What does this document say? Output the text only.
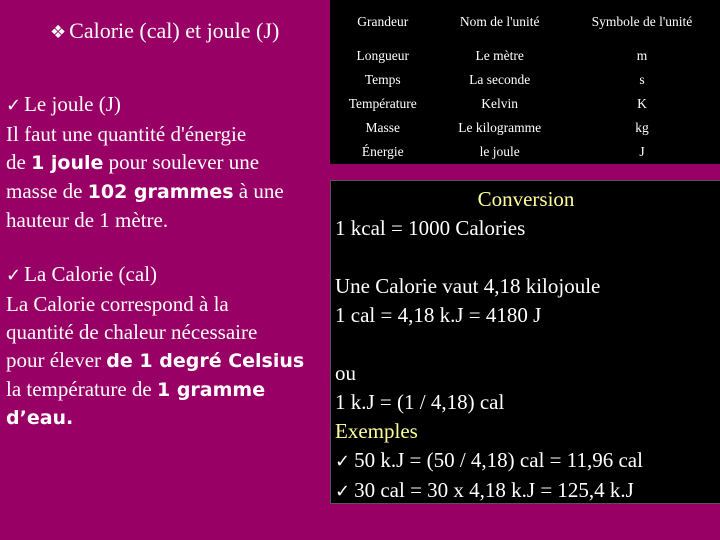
❖ Calorie (cal) et joule (J)
✓ Le joule (J)
Il faut une quantité d'énergie
de 1 joule pour soulever une
masse de 102 grammes à une
hauteur de 1 mètre.
✓ La Calorie (cal)
La Calorie correspond à la
quantité de chaleur nécessaire
pour élever de 1 degré Celsius
la température de 1 gramme
d’eau.
Grandeur	Nom de l'unité	Symbole de l'unité
Longueur	Le mètre	m
Temps	La seconde	s
Température	Kelvin	K
Masse	Le kilogramme	kg
Énergie	le joule	J
Conversion
1 kcal = 1000 Calories
Une Calorie vaut 4,18 kilojoule
1 cal = 4,18 k.J = 4180 J
ou
1 k.J = (1 / 4,18) cal
Exemples
✓ 50 k.J = (50 / 4,18) cal = 11,96 cal
✓ 30 cal = 30 x 4,18 k.J = 125,4 k.J
